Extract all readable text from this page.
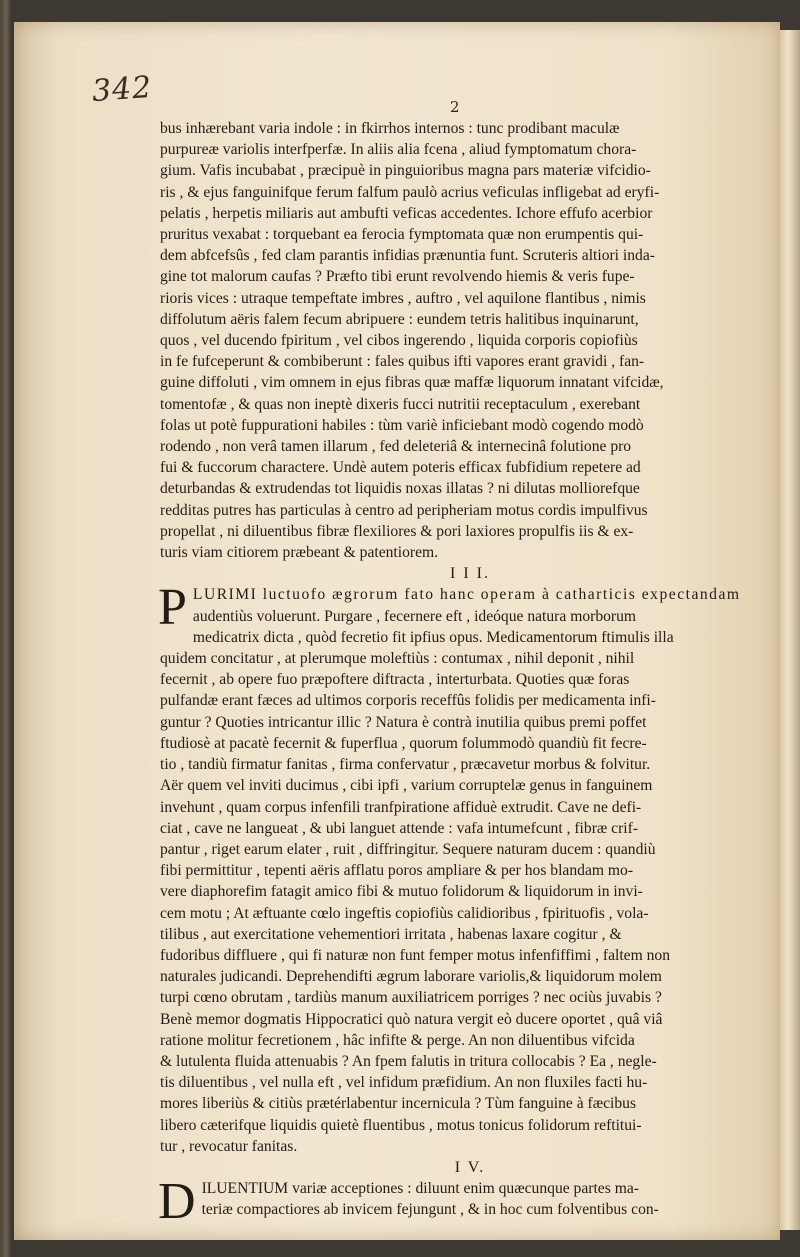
342	2
bus inhærebant varia indole : in fkirrhos internos : tunc prodibant maculæ
purpureæ variolis interfperfæ. In aliis alia fcena , aliud fymptomatum chora-
gium. Vafis incubabat , præcipuè in pinguioribus magna pars materiæ vifcidio-
ris , & ejus fanguinifque ferum falfum paulò acrius veficulas infligebat ad eryfi-
pelatis , herpetis miliaris aut ambufti veficas accedentes. Ichore effufo acerbior
pruritus vexabat : torquebant ea ferocia fymptomata quæ non erumpentis qui-
dem abfcefsûs , fed clam parantis infidias prænuntia funt. Scruteris altiori inda-
gine tot malorum caufas ? Præfto tibi erunt revolvendo hiemis & veris fupe-
rioris vices : utraque tempeftate imbres , auftro , vel aquilone flantibus , nimis
diffolutum aëris falem fecum abripuere : eundem tetris halitibus inquinarunt,
quos , vel ducendo fpiritum , vel cibos ingerendo , liquida corporis copiofiùs
in fe fufceperunt & combiberunt : fales quibus ifti vapores erant gravidi , fan-
guine diffoluti , vim omnem in ejus fibras quæ maffæ liquorum innatant vifcidæ,
tomentofæ , & quas non ineptè dixeris fucci nutritii receptaculum , exerebant
folas ut potè fuppurationi habiles : tùm variè inficiebant modò cogendo modò
rodendo , non verâ tamen illarum , fed deleteriâ & internecinâ folutione pro
fui & fuccorum charactere. Undè autem poteris efficax fubfidium repetere ad
deturbandas & extrudendas tot liquidis noxas illatas ? ni dilutas molliorefque
redditas putres has particulas à centro ad peripheriam motus cordis impulfivus
propellat , ni diluentibus fibræ flexiliores & pori laxiores propulfis iis & ex-
turis viam citiorem præbeant & patentiorem.
I I I.
P LURIMI luctuofo ægrorum fato hanc operam à catharticis expectandam
audentiùs voluerunt. Purgare , fecernere eft , ideóque natura morborum
medicatrix dicta , quòd fecretio fit ipfius opus. Medicamentorum ftimulis illa
quidem concitatur , at plerumque moleftiùs : contumax , nihil deponit , nihil
fecernit , ab opere fuo præpoftere diftracta , interturbata. Quoties quæ foras
pulfandæ erant fæces ad ultimos corporis receffûs folidis per medicamenta infi-
guntur ? Quoties intricantur illic ? Natura è contrà inutilia quibus premi poffet
ftudiosè at pacatè fecernit & fuperflua , quorum folummodò quandiù fit fecre-
tio , tandiù firmatur fanitas , firma confervatur , præcavetur morbus & folvitur.
Aër quem vel inviti ducimus , cibi ipfi , varium corruptelæ genus in fanguinem
invehunt , quam corpus infenfili tranfpiratione affiduè extrudit. Cave ne defi-
ciat , cave ne langueat , & ubi languet attende : vafa intumefcunt , fibræ crif-
pantur , riget earum elater , ruit , diffringitur. Sequere naturam ducem : quandiù
fibi permittitur , tepenti aëris afflatu poros ampliare & per hos blandam mo-
vere diaphorefim fatagit amico fibi & mutuo folidorum & liquidorum in invi-
cem motu ; At æftuante cœlo ingeftis copiofiùs calidioribus , fpirituofis , vola-
tilibus , aut exercitatione vehementiori irritata , habenas laxare cogitur , &
fudoribus diffluere , qui fi naturæ non funt femper motus infenfiffimi , faltem non
naturales judicandi. Deprehendifti ægrum laborare variolis,& liquidorum molem
turpi cœno obrutam , tardiùs manum auxiliatricem porriges ? nec ociùs juvabis ?
Benè memor dogmatis Hippocratici quò natura vergit eò ducere oportet , quâ viâ
ratione molitur fecretionem , hâc infifte & perge. An non diluentibus vifcida
& lutulenta fluida attenuabis ? An fpem falutis in tritura collocabis ? Ea , negle-
tis diluentibus , vel nulla eft , vel infidum præfidium. An non fluxiles facti hu-
mores liberiùs & citiùs prætérlabentur incernicula ? Tùm fanguine à fæcibus
libero cæterifque liquidis quietè fluentibus , motus tonicus folidorum reftitui-
tur , revocatur fanitas.
I V.
D ILUENTIUM variæ acceptiones : diluunt enim quæcunque partes ma-
teriæ compactiores ab invicem fejungunt , & in hoc cum folventibus con-
